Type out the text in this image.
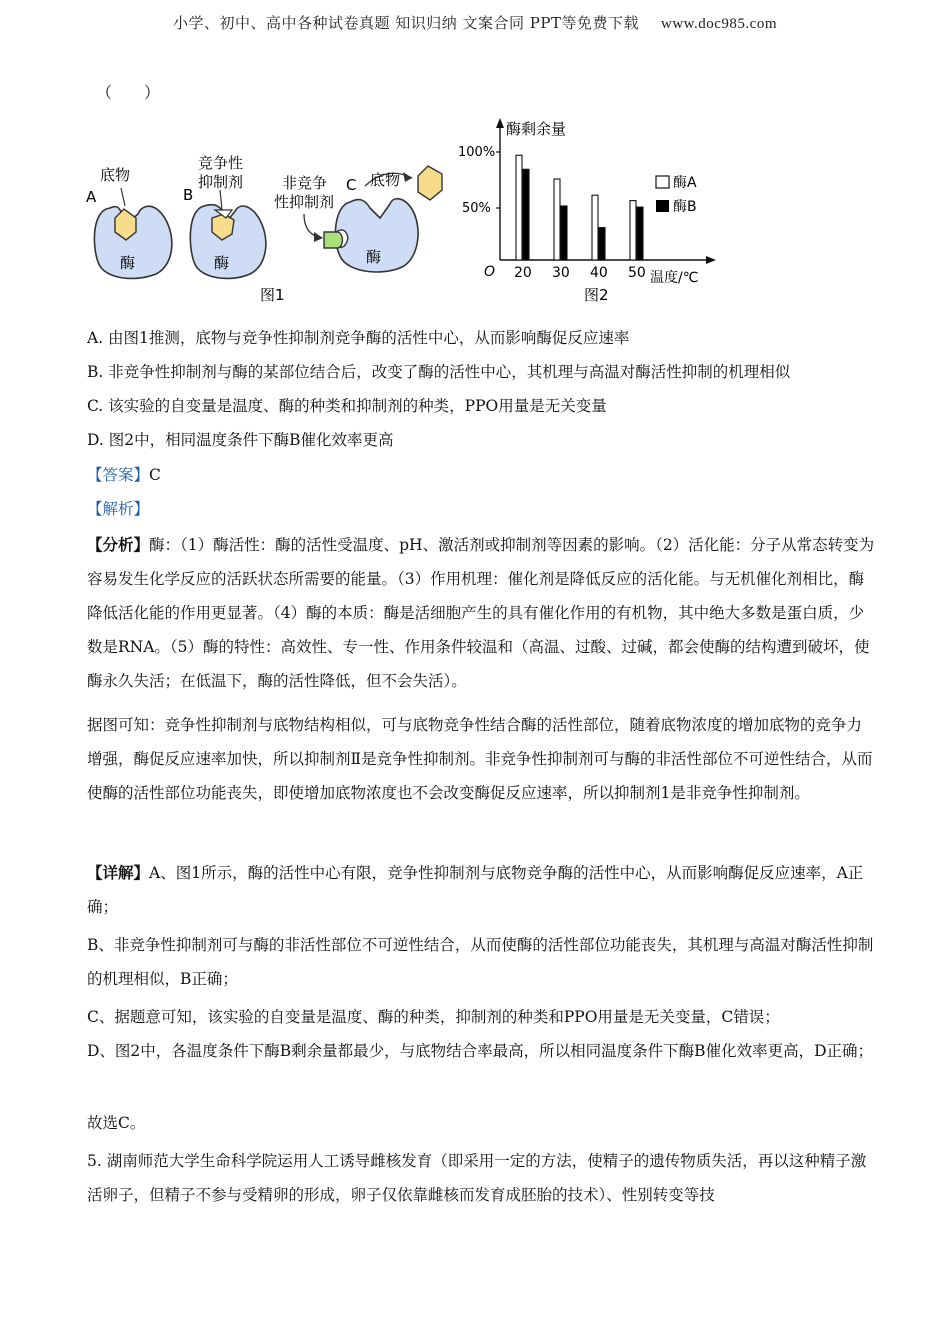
小学、初中、高中各种试卷真题 知识归纳 文案合同 PPT等免费下载 www.doc985.com
（　　）
底物
A
酶
竞争性
抑制剂
B
酶
非竞争
性抑制剂
C 底物
酶
图1
酶剩余量
温度/℃
O
100%
50%
20 30 40 50
酶A
酶B
图2
A. 由图1推测，底物与竞争性抑制剂竞争酶的活性中心，从而影响酶促反应速率
B. 非竞争性抑制剂与酶的某部位结合后，改变了酶的活性中心，其机理与高温对酶活性抑制的机理相似
C. 该实验的自变量是温度、酶的种类和抑制剂的种类，PPO用量是无关变量
D. 图2中，相同温度条件下酶B催化效率更高
【答案】C
【解析】
【分析】酶：（1）酶活性：酶的活性受温度、pH、激活剂或抑制剂等因素的影响。（2）活化能：分子从常态转变为容易发生化学反应的活跃状态所需要的能量。（3）作用机理：催化剂是降低反应的活化能。与无机催化剂相比，酶降低活化能的作用更显著。（4）酶的本质：酶是活细胞产生的具有催化作用的有机物，其中绝大多数是蛋白质，少数是RNA。（5）酶的特性：高效性、专一性、作用条件较温和（高温、过酸、过碱，都会使酶的结构遭到破坏，使酶永久失活；在低温下，酶的活性降低，但不会失活）。
据图可知：竞争性抑制剂与底物结构相似，可与底物竞争性结合酶的活性部位，随着底物浓度的增加底物的竞争力增强，酶促反应速率加快，所以抑制剂Ⅱ是竞争性抑制剂。非竞争性抑制剂可与酶的非活性部位不可逆性结合，从而使酶的活性部位功能丧失，即使增加底物浓度也不会改变酶促反应速率，所以抑制剂1是非竞争性抑制剂。
【详解】A、图1所示，酶的活性中心有限，竞争性抑制剂与底物竞争酶的活性中心，从而影响酶促反应速率，A正确；
B、非竞争性抑制剂可与酶的非活性部位不可逆性结合，从而使酶的活性部位功能丧失，其机理与高温对酶活性抑制的机理相似，B正确；
C、据题意可知，该实验的自变量是温度、酶的种类，抑制剂的种类和PPO用量是无关变量，C错误；
D、图2中，各温度条件下酶B剩余量都最少，与底物结合率最高，所以相同温度条件下酶B催化效率更高，D正确；
故选C。
5. 湖南师范大学生命科学院运用人工诱导雌核发育（即采用一定的方法，使精子的遗传物质失活，再以这种精子激活卵子，但精子不参与受精卵的形成，卵子仅依靠雌核而发育成胚胎的技术）、性别转变等技
